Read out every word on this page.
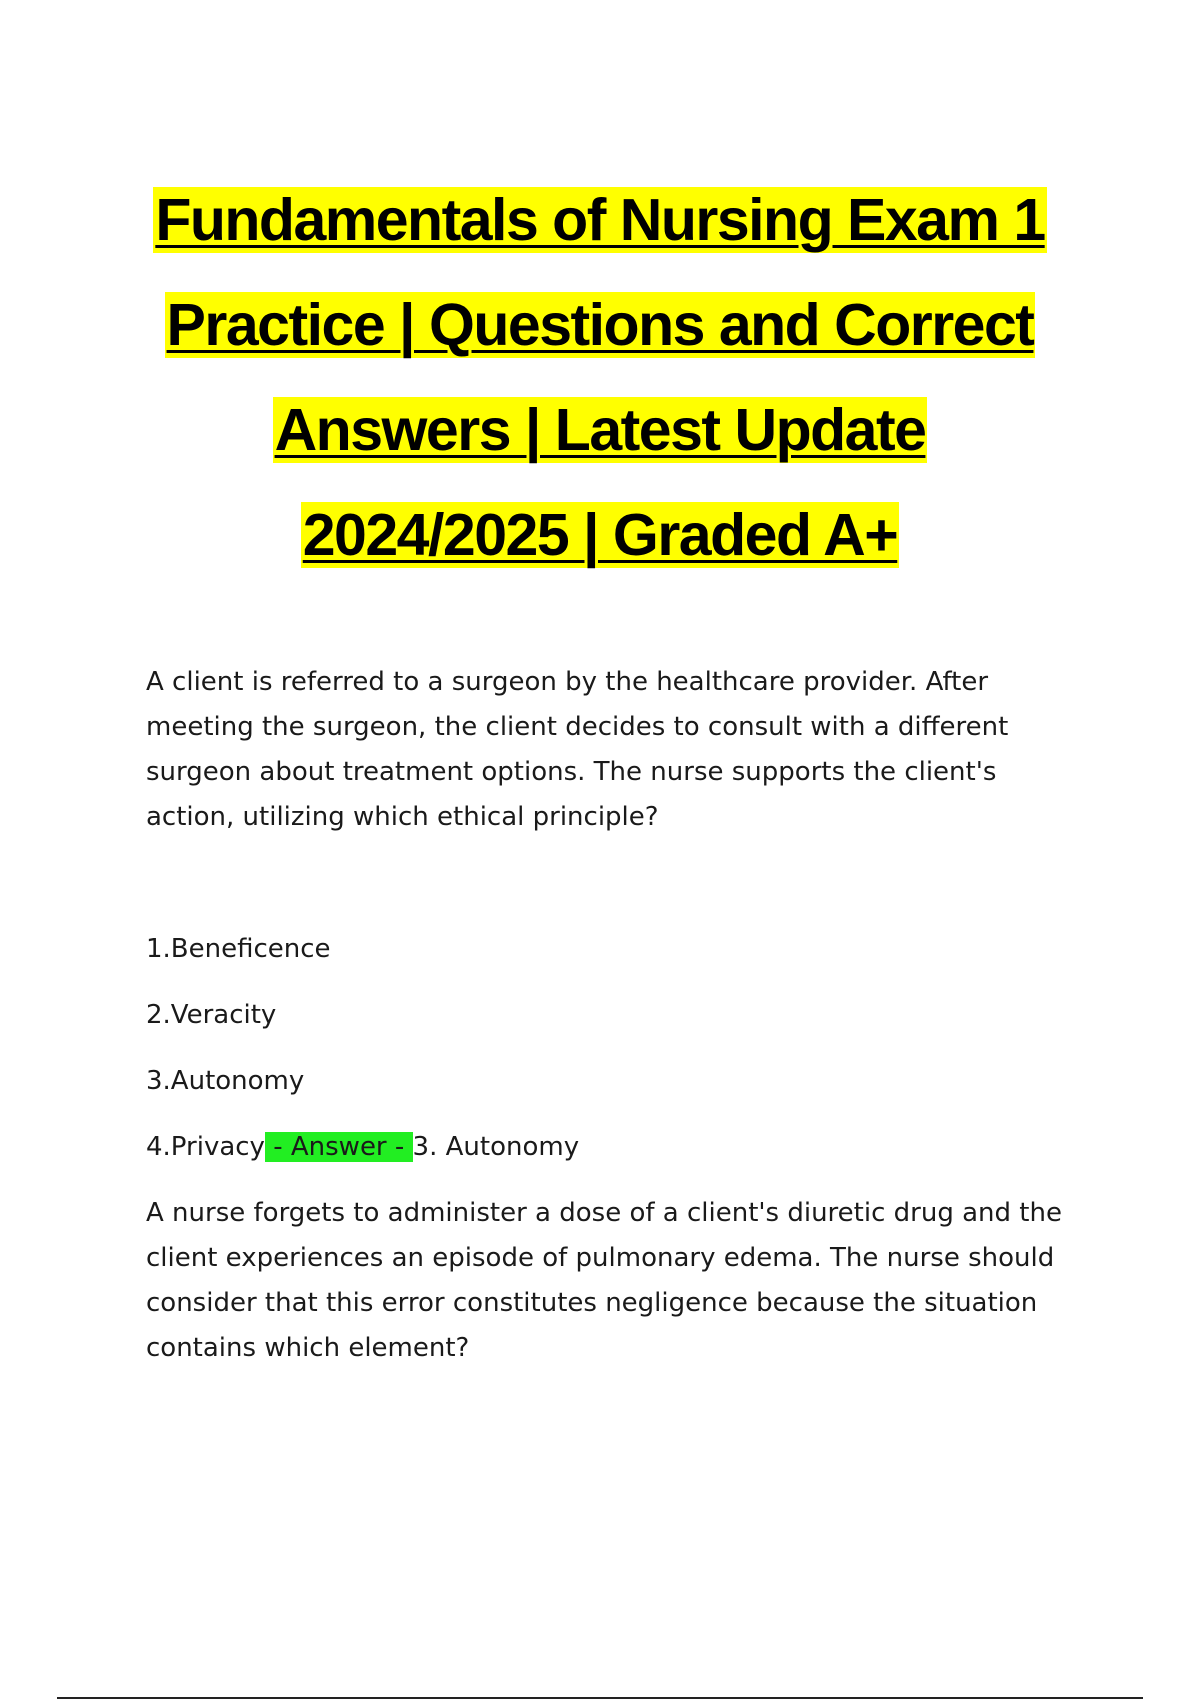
Fundamentals of Nursing Exam 1
Practice | Questions and Correct
Answers | Latest Update
2024/2025 | Graded A+

A client is referred to a surgeon by the healthcare provider. After meeting the surgeon, the client decides to consult with a different surgeon about treatment options. The nurse supports the client's action, utilizing which ethical principle?

1.Beneficence

2.Veracity

3.Autonomy

4.Privacy - Answer - 3. Autonomy

A nurse forgets to administer a dose of a client's diuretic drug and the client experiences an episode of pulmonary edema. The nurse should consider that this error constitutes negligence because the situation contains which element?
